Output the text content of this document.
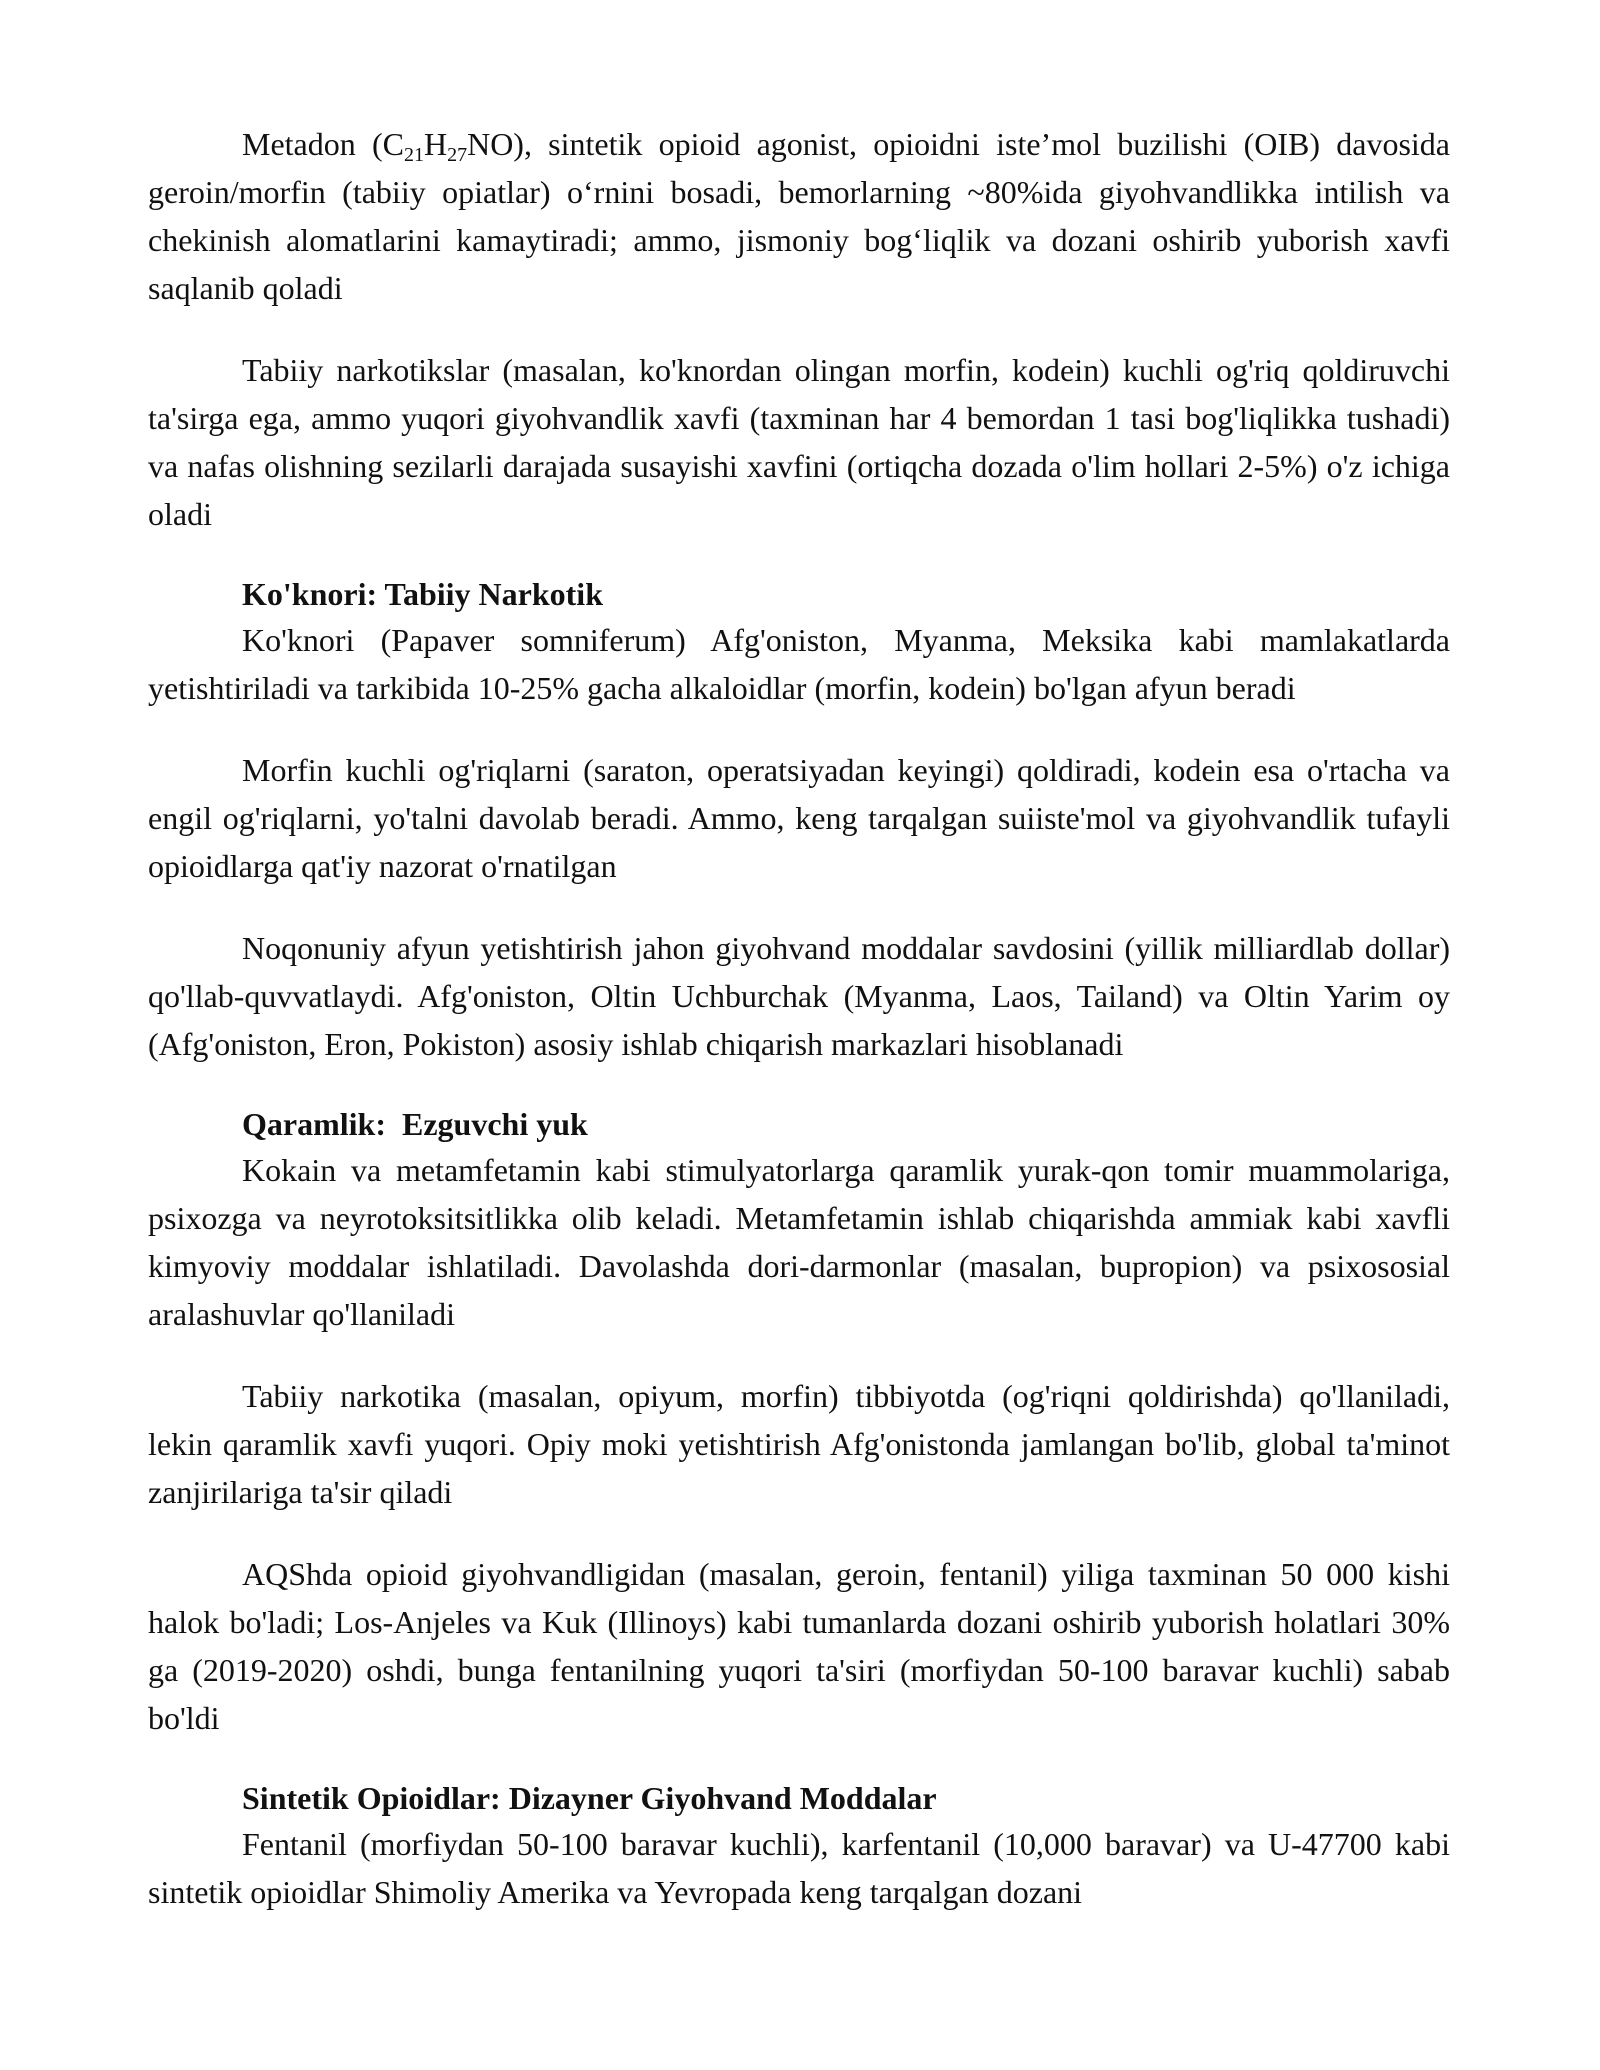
Metadon $(C_{21}H_{27}NO)$, sintetik opioid agonist, opioidni iste’mol buzilishi (OIB) davosida geroin/morfin (tabiiy opiatlar) o‘rnini bosadi, bemorlarning ~80%ida giyohvandlikka intilish va chekinish alomatlarini kamaytiradi; ammo, jismoniy bog‘liqlik va dozani oshirib yuborish xavfi saqlanib qoladi

Tabiiy narkotikslar (masalan, ko'knordan olingan morfin, kodein) kuchli og'riq qoldiruvchi ta'sirga ega, ammo yuqori giyohvandlik xavfi (taxminan har 4 bemordan 1 tasi bog'liqlikka tushadi) va nafas olishning sezilarli darajada susayishi xavfini (ortiqcha dozada o'lim hollari 2-5%) o'z ichiga oladi

Ko'knori: Tabiiy Narkotik

Ko'knori (Papaver somniferum) Afg'oniston, Myanma, Meksika kabi mamlakatlarda yetishtiriladi va tarkibida 10-25% gacha alkaloidlar (morfin, kodein) bo'lgan afyun beradi

Morfin kuchli og'riqlarni (saraton, operatsiyadan keyingi) qoldiradi, kodein esa o'rtacha va engil og'riqlarni, yo'talni davolab beradi. Ammo, keng tarqalgan suiiste'mol va giyohvandlik tufayli opioidlarga qat'iy nazorat o'rnatilgan

Noqonuniy afyun yetishtirish jahon giyohvand moddalar savdosini (yillik milliardlab dollar) qo'llab-quvvatlaydi. Afg'oniston, Oltin Uchburchak (Myanma, Laos, Tailand) va Oltin Yarim oy (Afg'oniston, Eron, Pokiston) asosiy ishlab chiqarish markazlari hisoblanadi

Qaramlik:  Ezguvchi yuk

Kokain va metamfetamin kabi stimulyatorlarga qaramlik yurak-qon tomir muammolariga, psixozga va neyrotoksitsitlikka olib keladi. Metamfetamin ishlab chiqarishda ammiak kabi xavfli kimyoviy moddalar ishlatiladi. Davolashda dori-darmonlar (masalan, bupropion) va psixososial aralashuvlar qo'llaniladi

Tabiiy narkotika (masalan, opiyum, morfin) tibbiyotda (og'riqni qoldirishda) qo'llaniladi, lekin qaramlik xavfi yuqori. Opiy moki yetishtirish Afg'onistonda jamlangan bo'lib, global ta'minot zanjirilariga ta'sir qiladi

AQShda opioid giyohvandligidan (masalan, geroin, fentanil) yiliga taxminan 50 000 kishi halok bo'ladi; Los-Anjeles va Kuk (Illinoys) kabi tumanlarda dozani oshirib yuborish holatlari 30% ga (2019-2020) oshdi, bunga fentanilning yuqori ta'siri (morfiydan 50-100 baravar kuchli) sabab bo'ldi

Sintetik Opioidlar: Dizayner Giyohvand Moddalar

Fentanil (morfiydan 50-100 baravar kuchli), karfentanil (10,000 baravar) va U-47700 kabi sintetik opioidlar Shimoliy Amerika va Yevropada keng tarqalgan dozani
